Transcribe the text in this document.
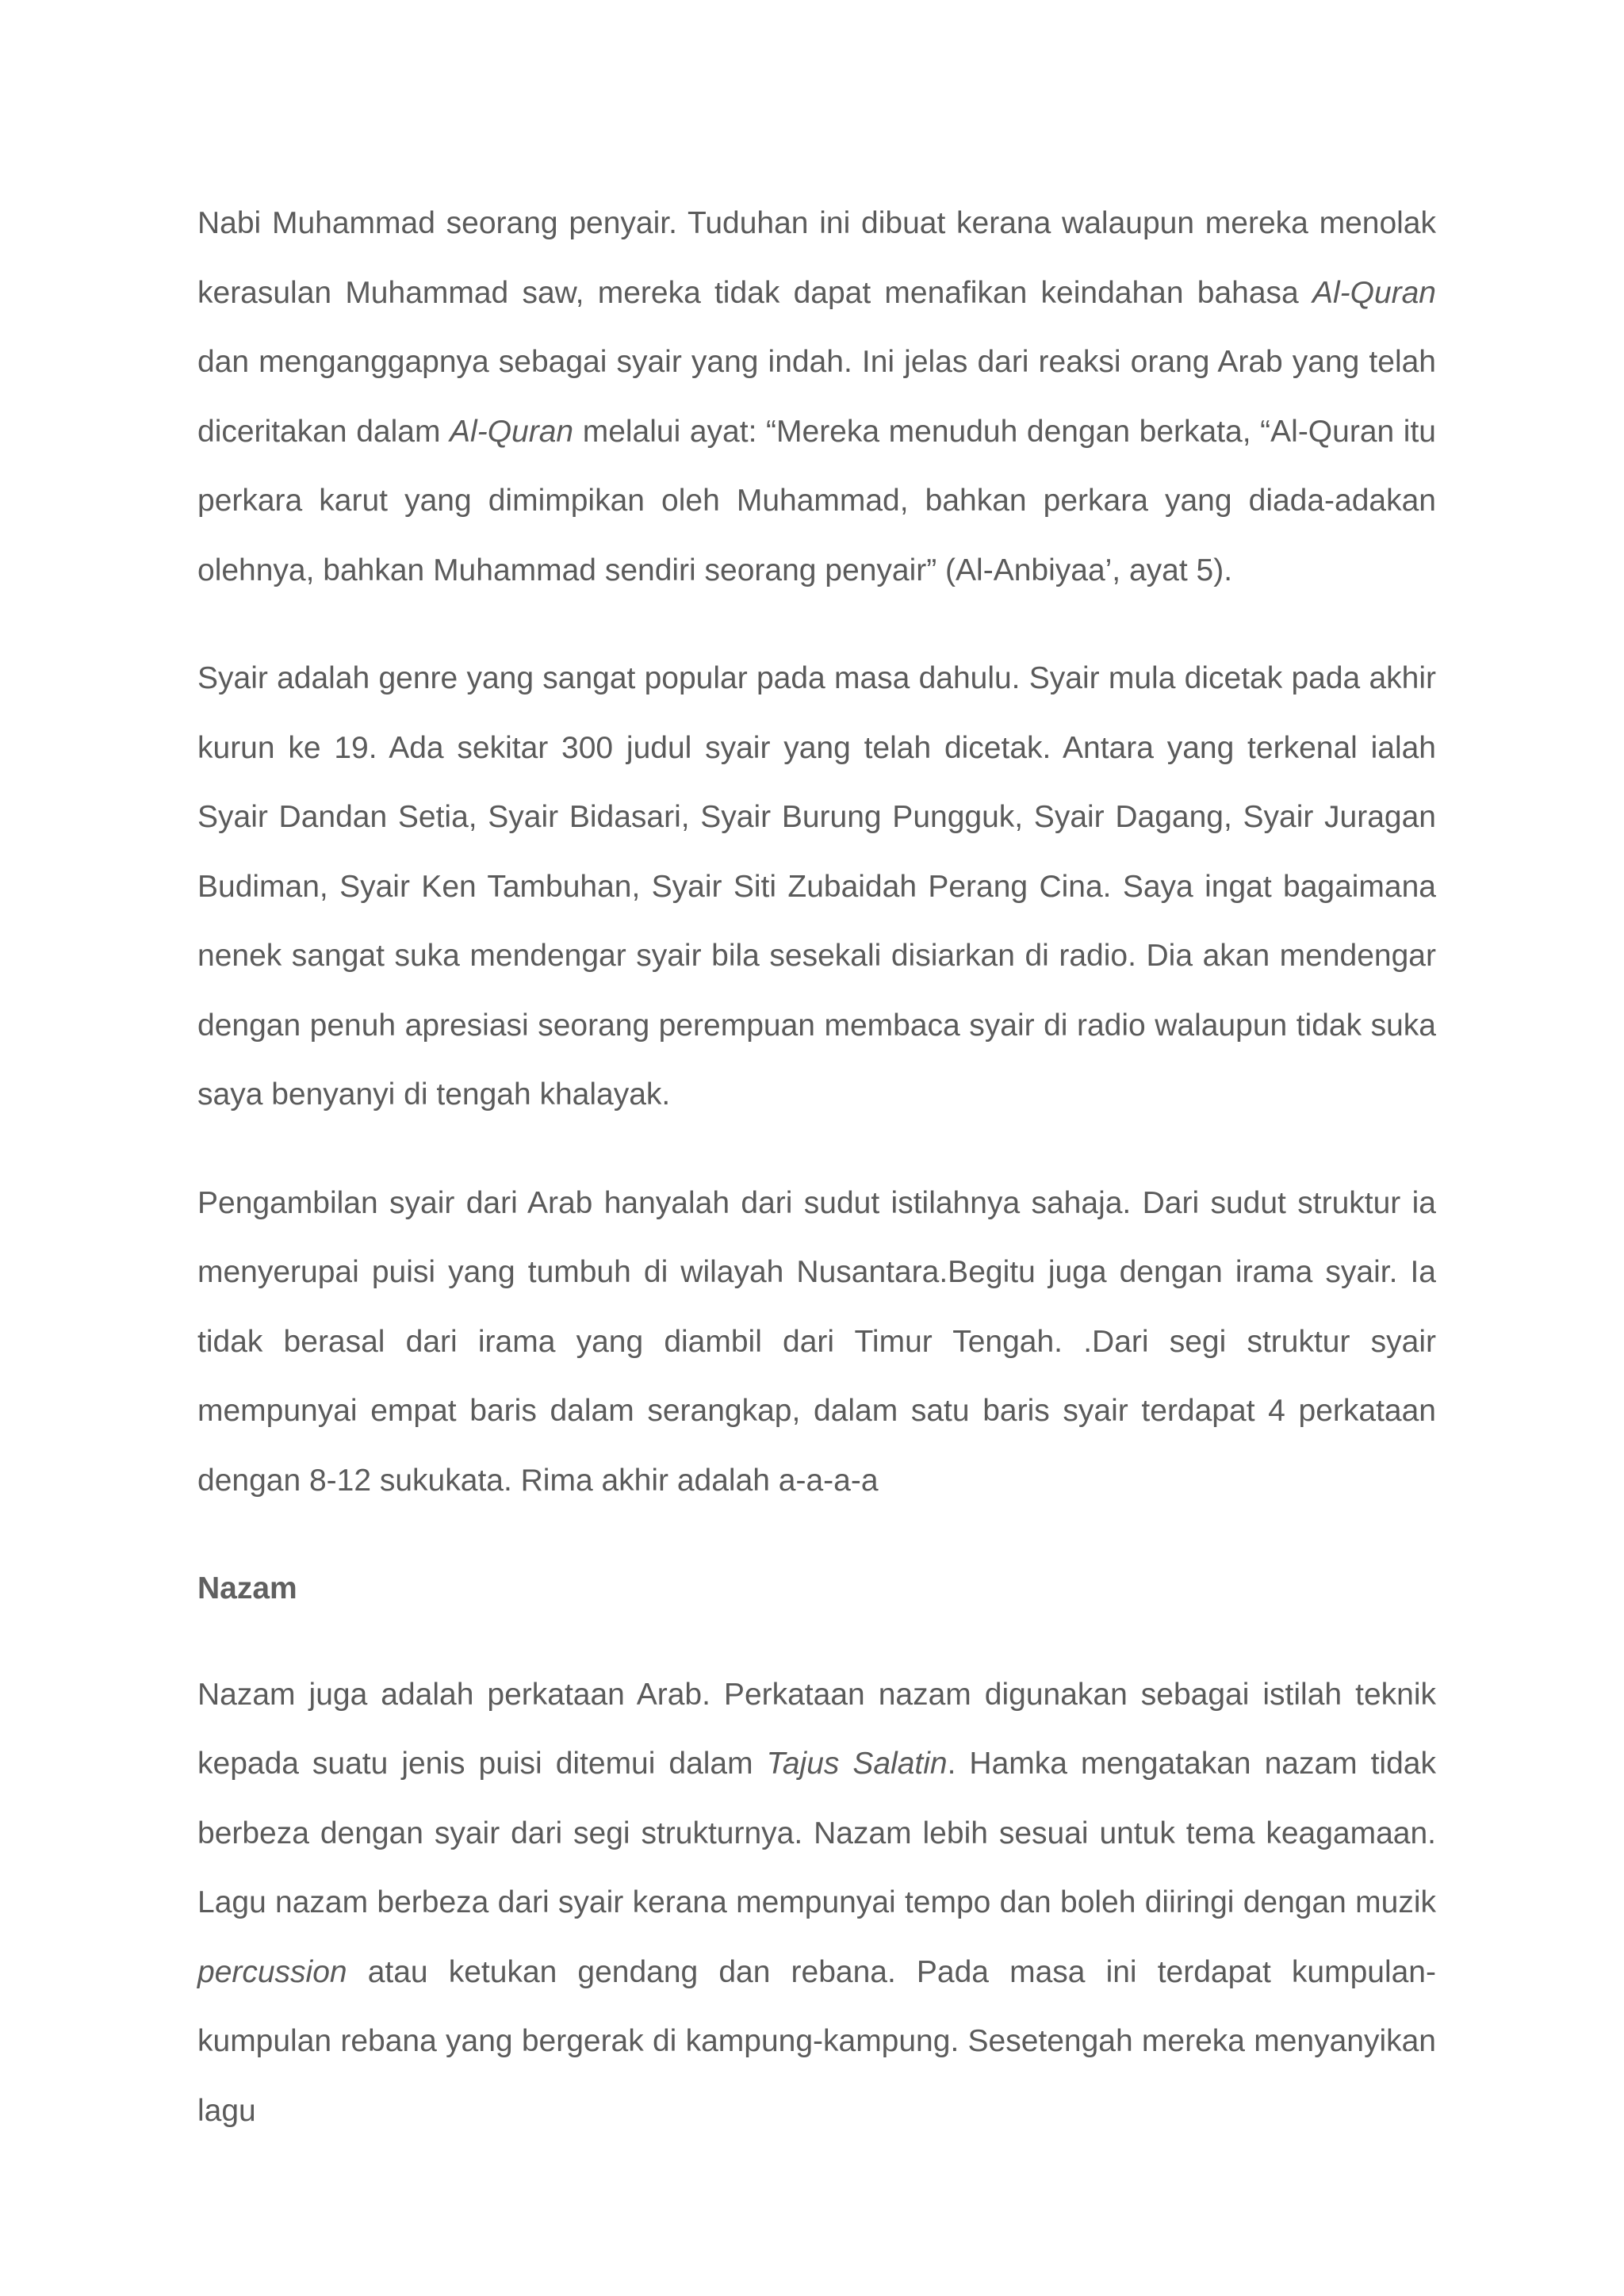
Nabi Muhammad seorang penyair. Tuduhan ini dibuat kerana walaupun mereka menolak kerasulan Muhammad saw, mereka tidak dapat menafikan keindahan bahasa Al-Quran dan menganggapnya sebagai syair yang indah. Ini jelas dari reaksi orang Arab yang telah diceritakan dalam Al-Quran melalui ayat: “Mereka menuduh dengan berkata, “Al-Quran itu perkara karut yang dimimpikan oleh Muhammad, bahkan perkara yang diada-adakan olehnya, bahkan Muhammad sendiri seorang penyair” (Al-Anbiyaa’, ayat 5).

Syair adalah genre yang sangat popular pada masa dahulu. Syair mula dicetak pada akhir kurun ke 19. Ada sekitar 300 judul syair yang telah dicetak. Antara yang terkenal ialah Syair Dandan Setia, Syair Bidasari, Syair Burung Pungguk, Syair Dagang, Syair Juragan Budiman, Syair Ken Tambuhan, Syair Siti Zubaidah Perang Cina. Saya ingat bagaimana nenek sangat suka mendengar syair bila sesekali disiarkan di radio. Dia akan mendengar dengan penuh apresiasi seorang perempuan membaca syair di radio walaupun tidak suka saya benyanyi di tengah khalayak.

Pengambilan syair dari Arab hanyalah dari sudut istilahnya sahaja. Dari sudut struktur ia menyerupai puisi yang tumbuh di wilayah Nusantara.Begitu juga dengan irama syair. Ia tidak berasal dari irama yang diambil dari Timur Tengah. .Dari segi struktur syair mempunyai empat baris dalam serangkap, dalam satu baris syair terdapat 4 perkataan dengan 8-12 sukukata. Rima akhir adalah a-a-a-a

Nazam

Nazam juga adalah perkataan Arab. Perkataan nazam digunakan sebagai istilah teknik kepada suatu jenis puisi ditemui dalam Tajus Salatin. Hamka mengatakan nazam tidak berbeza dengan syair dari segi strukturnya. Nazam lebih sesuai untuk tema keagamaan. Lagu nazam berbeza dari syair kerana mempunyai tempo dan boleh diiringi dengan muzik percussion atau ketukan gendang dan rebana. Pada masa ini terdapat kumpulan-kumpulan rebana yang bergerak di kampung-kampung. Sesetengah mereka menyanyikan lagu
